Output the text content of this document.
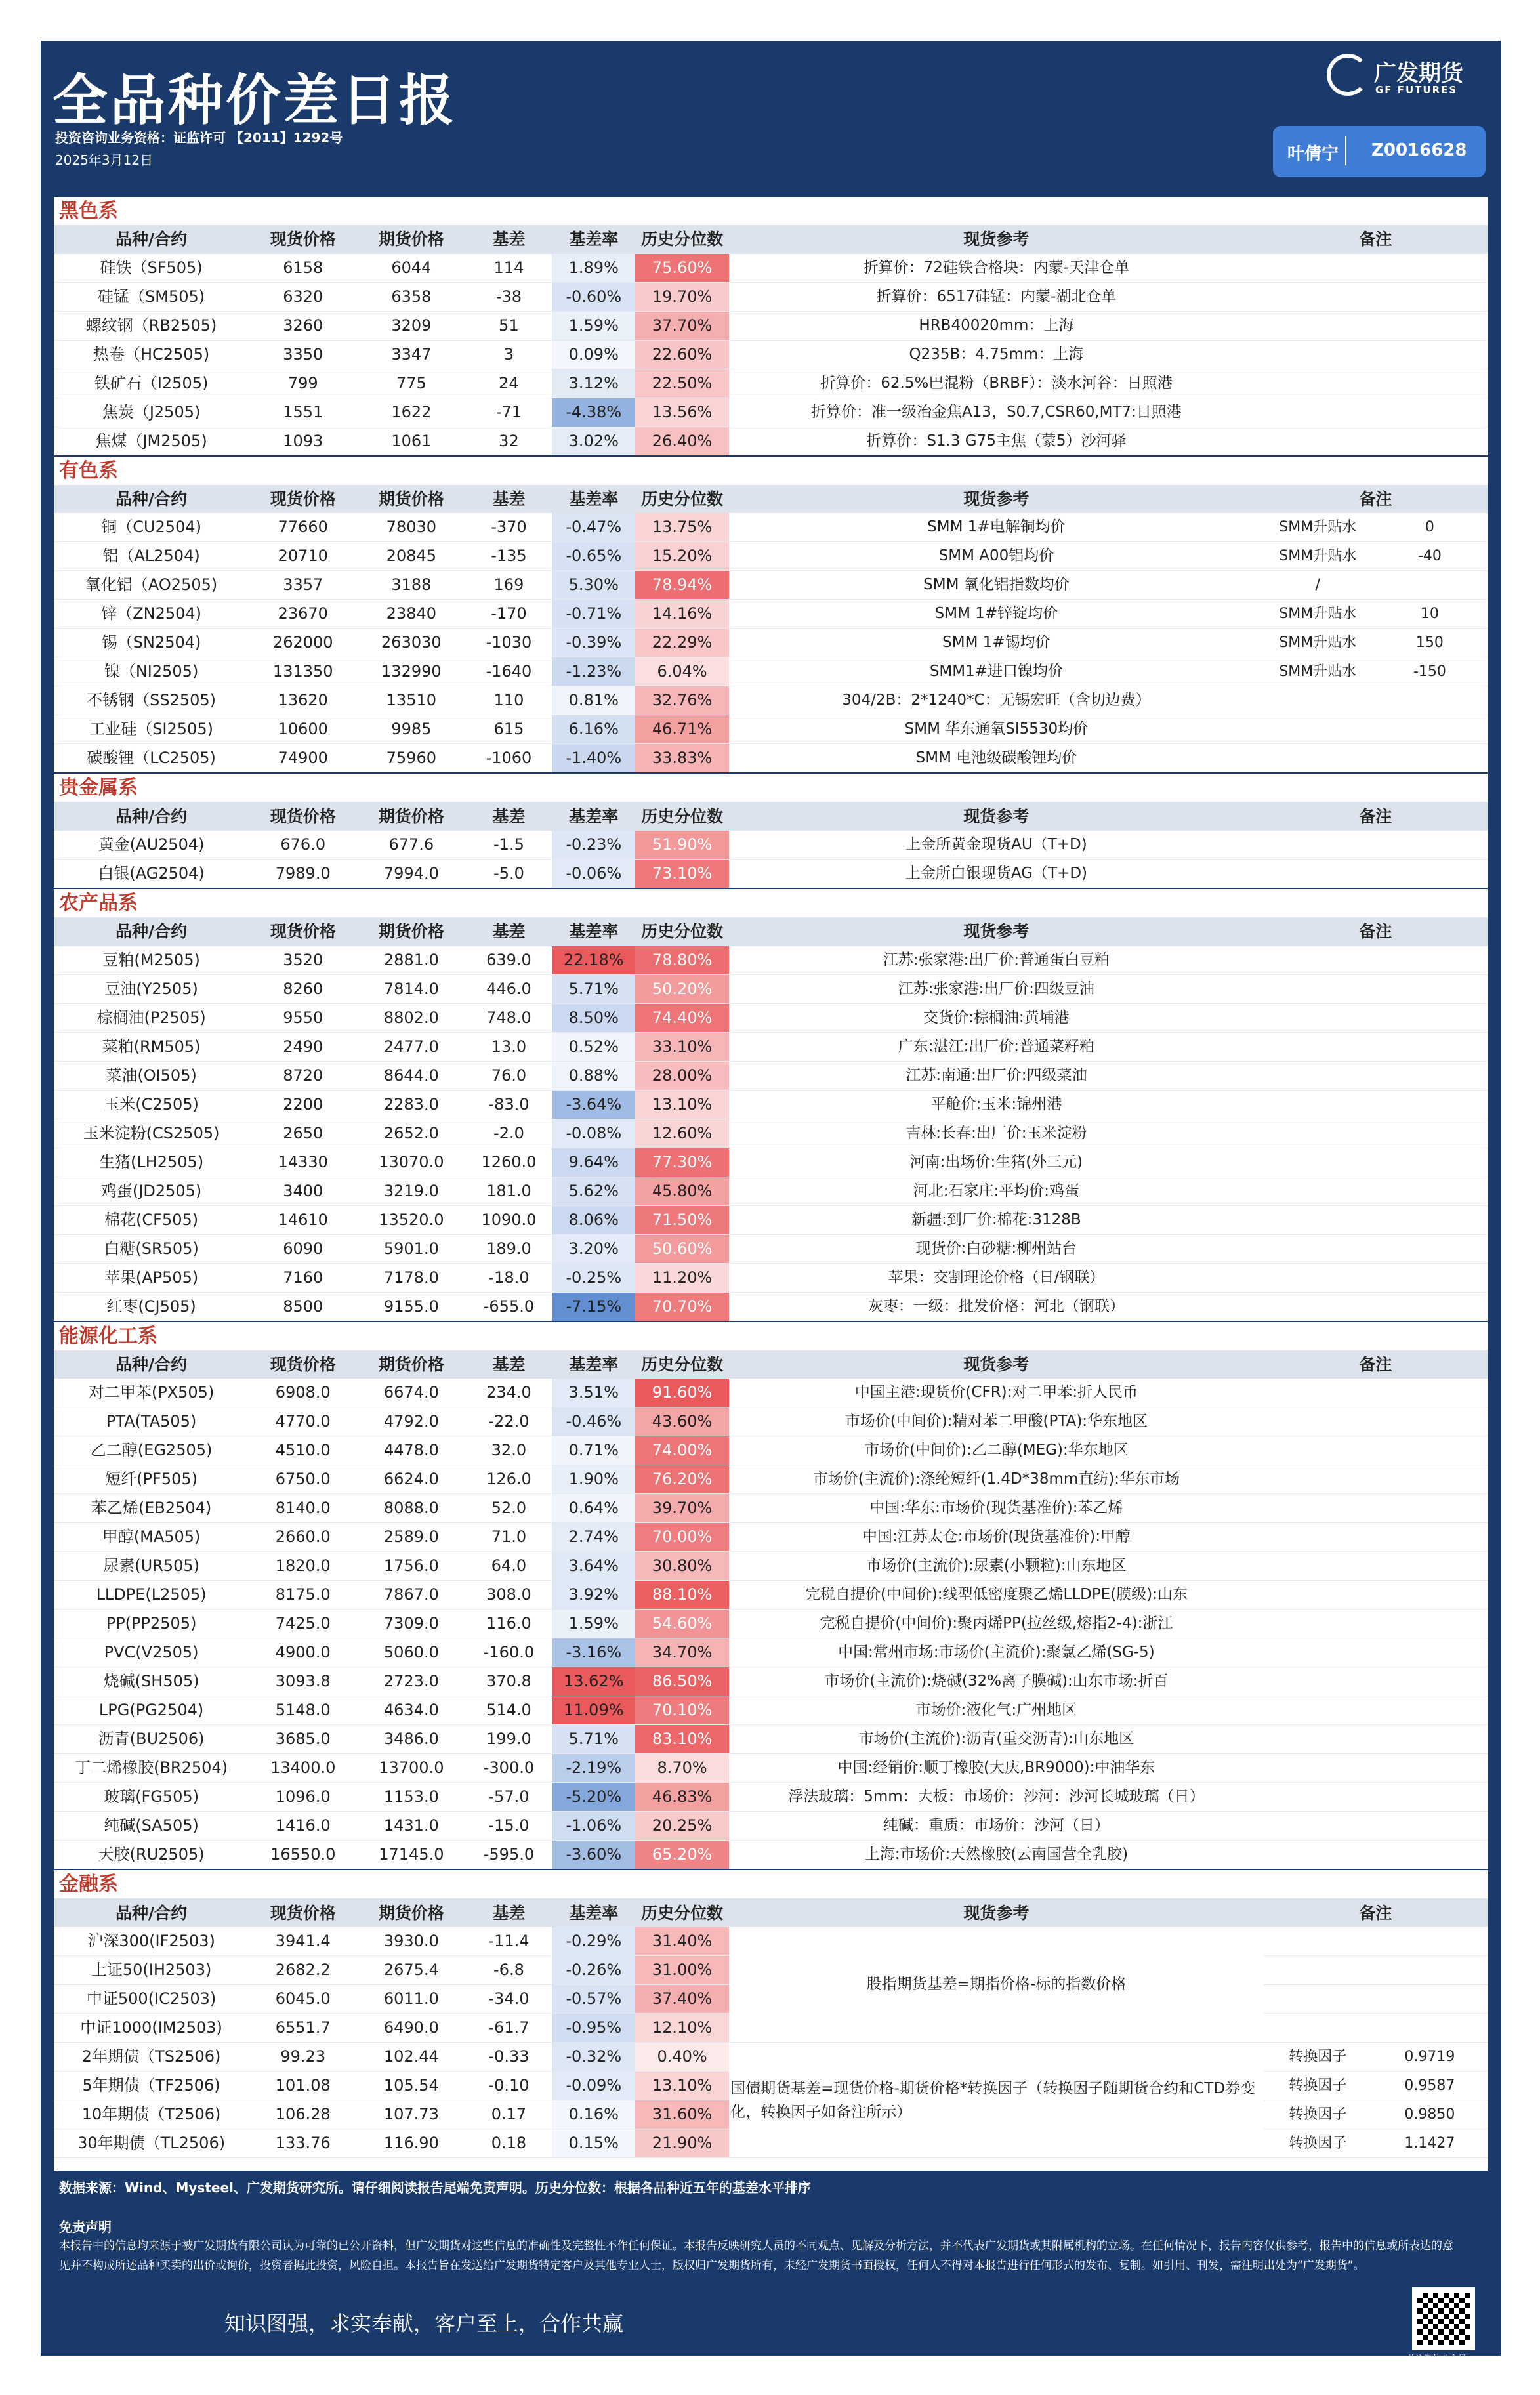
全品种价差日报
投资咨询业务资格：证监许可 【2011】1292号
2025年3月12日
广发期货
GF FUTURES
叶倩宁 Z0016628
黑色系								
品种/合约	现货价格	期货价格	基差	基差率	历史分位数	现货参考	备注	
硅铁（SF505)	6158	6044	114	1.89%	75.60%	折算价：72硅铁合格块：内蒙-天津仓单		
硅锰（SM505)	6320	6358	-38	-0.60%	19.70%	折算价：6517硅锰：内蒙-湖北仓单		
螺纹钢（RB2505)	3260	3209	51	1.59%	37.70%	HRB40020mm：上海		
热卷（HC2505)	3350	3347	3	0.09%	22.60%	Q235B：4.75mm：上海		
铁矿石（I2505)	799	775	24	3.12%	22.50%	折算价：62.5%巴混粉（BRBF）：淡水河谷：日照港		
焦炭（J2505)	1551	1622	-71	-4.38%	13.56%	折算价：准一级冶金焦A13，S0.7,CSR60,MT7:日照港		
焦煤（JM2505)	1093	1061	32	3.02%	26.40%	折算价：S1.3 G75主焦（蒙5）沙河驿		
有色系								
品种/合约	现货价格	期货价格	基差	基差率	历史分位数	现货参考	备注	
铜（CU2504)	77660	78030	-370	-0.47%	13.75%	SMM 1#电解铜均价	SMM升贴水	0
铝（AL2504)	20710	20845	-135	-0.65%	15.20%	SMM A00铝均价	SMM升贴水	-40
氧化铝（AO2505)	3357	3188	169	5.30%	78.94%	SMM 氧化铝指数均价	/	
锌（ZN2504)	23670	23840	-170	-0.71%	14.16%	SMM 1#锌锭均价	SMM升贴水	10
锡（SN2504)	262000	263030	-1030	-0.39%	22.29%	SMM 1#锡均价	SMM升贴水	150
镍（NI2505)	131350	132990	-1640	-1.23%	6.04%	SMM1#进口镍均价	SMM升贴水	-150
不锈钢（SS2505)	13620	13510	110	0.81%	32.76%	304/2B：2*1240*C：无锡宏旺（含切边费）		
工业硅（SI2505)	10600	9985	615	6.16%	46.71%	SMM 华东通氧SI5530均价		
碳酸锂（LC2505)	74900	75960	-1060	-1.40%	33.83%	SMM 电池级碳酸锂均价		
贵金属系								
品种/合约	现货价格	期货价格	基差	基差率	历史分位数	现货参考	备注	
黄金(AU2504)	676.0	677.6	-1.5	-0.23%	51.90%	上金所黄金现货AU（T+D)		
白银(AG2504)	7989.0	7994.0	-5.0	-0.06%	73.10%	上金所白银现货AG（T+D)		
农产品系								
品种/合约	现货价格	期货价格	基差	基差率	历史分位数	现货参考	备注	
豆粕(M2505)	3520	2881.0	639.0	22.18%	78.80%	江苏:张家港:出厂价:普通蛋白豆粕		
豆油(Y2505)	8260	7814.0	446.0	5.71%	50.20%	江苏:张家港:出厂价:四级豆油		
棕榈油(P2505)	9550	8802.0	748.0	8.50%	74.40%	交货价:棕榈油:黄埔港		
菜粕(RM505)	2490	2477.0	13.0	0.52%	33.10%	广东:湛江:出厂价:普通菜籽粕		
菜油(OI505)	8720	8644.0	76.0	0.88%	28.00%	江苏:南通:出厂价:四级菜油		
玉米(C2505)	2200	2283.0	-83.0	-3.64%	13.10%	平舱价:玉米:锦州港		
玉米淀粉(CS2505)	2650	2652.0	-2.0	-0.08%	12.60%	吉林:长春:出厂价:玉米淀粉		
生猪(LH2505)	14330	13070.0	1260.0	9.64%	77.30%	河南:出场价:生猪(外三元)		
鸡蛋(JD2505)	3400	3219.0	181.0	5.62%	45.80%	河北:石家庄:平均价:鸡蛋		
棉花(CF505)	14610	13520.0	1090.0	8.06%	71.50%	新疆:到厂价:棉花:3128B		
白糖(SR505)	6090	5901.0	189.0	3.20%	50.60%	现货价:白砂糖:柳州站台		
苹果(AP505)	7160	7178.0	-18.0	-0.25%	11.20%	苹果：交割理论价格（日/钢联）		
红枣(CJ505)	8500	9155.0	-655.0	-7.15%	70.70%	灰枣：一级：批发价格：河北（钢联）		
能源化工系								
品种/合约	现货价格	期货价格	基差	基差率	历史分位数	现货参考	备注	
对二甲苯(PX505)	6908.0	6674.0	234.0	3.51%	91.60%	中国主港:现货价(CFR):对二甲苯:折人民币		
PTA(TA505)	4770.0	4792.0	-22.0	-0.46%	43.60%	市场价(中间价):精对苯二甲酸(PTA):华东地区		
乙二醇(EG2505)	4510.0	4478.0	32.0	0.71%	74.00%	市场价(中间价):乙二醇(MEG):华东地区		
短纤(PF505)	6750.0	6624.0	126.0	1.90%	76.20%	市场价(主流价):涤纶短纤(1.4D*38mm直纺):华东市场		
苯乙烯(EB2504)	8140.0	8088.0	52.0	0.64%	39.70%	中国:华东:市场价(现货基准价):苯乙烯		
甲醇(MA505)	2660.0	2589.0	71.0	2.74%	70.00%	中国:江苏太仓:市场价(现货基准价):甲醇		
尿素(UR505)	1820.0	1756.0	64.0	3.64%	30.80%	市场价(主流价):尿素(小颗粒):山东地区		
LLDPE(L2505)	8175.0	7867.0	308.0	3.92%	88.10%	完税自提价(中间价):线型低密度聚乙烯LLDPE(膜级):山东		
PP(PP2505)	7425.0	7309.0	116.0	1.59%	54.60%	完税自提价(中间价):聚丙烯PP(拉丝级,熔指2-4):浙江		
PVC(V2505)	4900.0	5060.0	-160.0	-3.16%	34.70%	中国:常州市场:市场价(主流价):聚氯乙烯(SG-5)		
烧碱(SH505)	3093.8	2723.0	370.8	13.62%	86.50%	市场价(主流价):烧碱(32%离子膜碱):山东市场:折百		
LPG(PG2504)	5148.0	4634.0	514.0	11.09%	70.10%	市场价:液化气:广州地区		
沥青(BU2506)	3685.0	3486.0	199.0	5.71%	83.10%	市场价(主流价):沥青(重交沥青):山东地区		
丁二烯橡胶(BR2504)	13400.0	13700.0	-300.0	-2.19%	8.70%	中国:经销价:顺丁橡胶(大庆,BR9000):中油华东		
玻璃(FG505)	1096.0	1153.0	-57.0	-5.20%	46.83%	浮法玻璃：5mm：大板：市场价：沙河：沙河长城玻璃（日）		
纯碱(SA505)	1416.0	1431.0	-15.0	-1.06%	20.25%	纯碱：重质：市场价：沙河（日）		
天胶(RU2505)	16550.0	17145.0	-595.0	-3.60%	65.20%	上海:市场价:天然橡胶(云南国营全乳胶)		
金融系								
品种/合约	现货价格	期货价格	基差	基差率	历史分位数	现货参考	备注	
沪深300(IF2503)	3941.4	3930.0	-11.4	-0.29%	31.40%	股指期货基差=期指价格-标的指数价格		
上证50(IH2503)	2682.2	2675.4	-6.8	-0.26%	31.00%			
中证500(IC2503)	6045.0	6011.0	-34.0	-0.57%	37.40%			
中证1000(IM2503)	6551.7	6490.0	-61.7	-0.95%	12.10%			
2年期债（TS2506)	99.23	102.44	-0.33	-0.32%	0.40%	国债期货基差=现货价格-期货价格*转换因子（转换因子随期货合约和CTD券变化，转换因子如备注所示）	转换因子	0.9719
5年期债（TF2506)	101.08	105.54	-0.10	-0.09%	13.10%		转换因子	0.9587
10年期债（T2506)	106.28	107.73	0.17	0.16%	31.60%		转换因子	0.9850
30年期债（TL2506)	133.76	116.90	0.18	0.15%	21.90%		转换因子	1.1427
数据来源：Wind、Mysteel、广发期货研究所。请仔细阅读报告尾端免责声明。历史分位数：根据各品种近五年的基差水平排序
免责声明
本报告中的信息均来源于被广发期货有限公司认为可靠的已公开资料，但广发期货对这些信息的准确性及完整性不作任何保证。本报告反映研究人员的不同观点、见解及分析方法，并不代表广发期货或其附属机构的立场。在任何情况下，报告内容仅供参考，报告中的信息或所表达的意见并不构成所述品种买卖的出价或询价，投资者据此投资，风险自担。本报告旨在发送给广发期货特定客户及其他专业人士，版权归广发期货所有，未经广发期货书面授权，任何人不得对本报告进行任何形式的发布、复制。如引用、刊发，需注明出处为“广发期货”。
知识图强，求实奉献，客户至上，合作共赢
关注微信公众号
